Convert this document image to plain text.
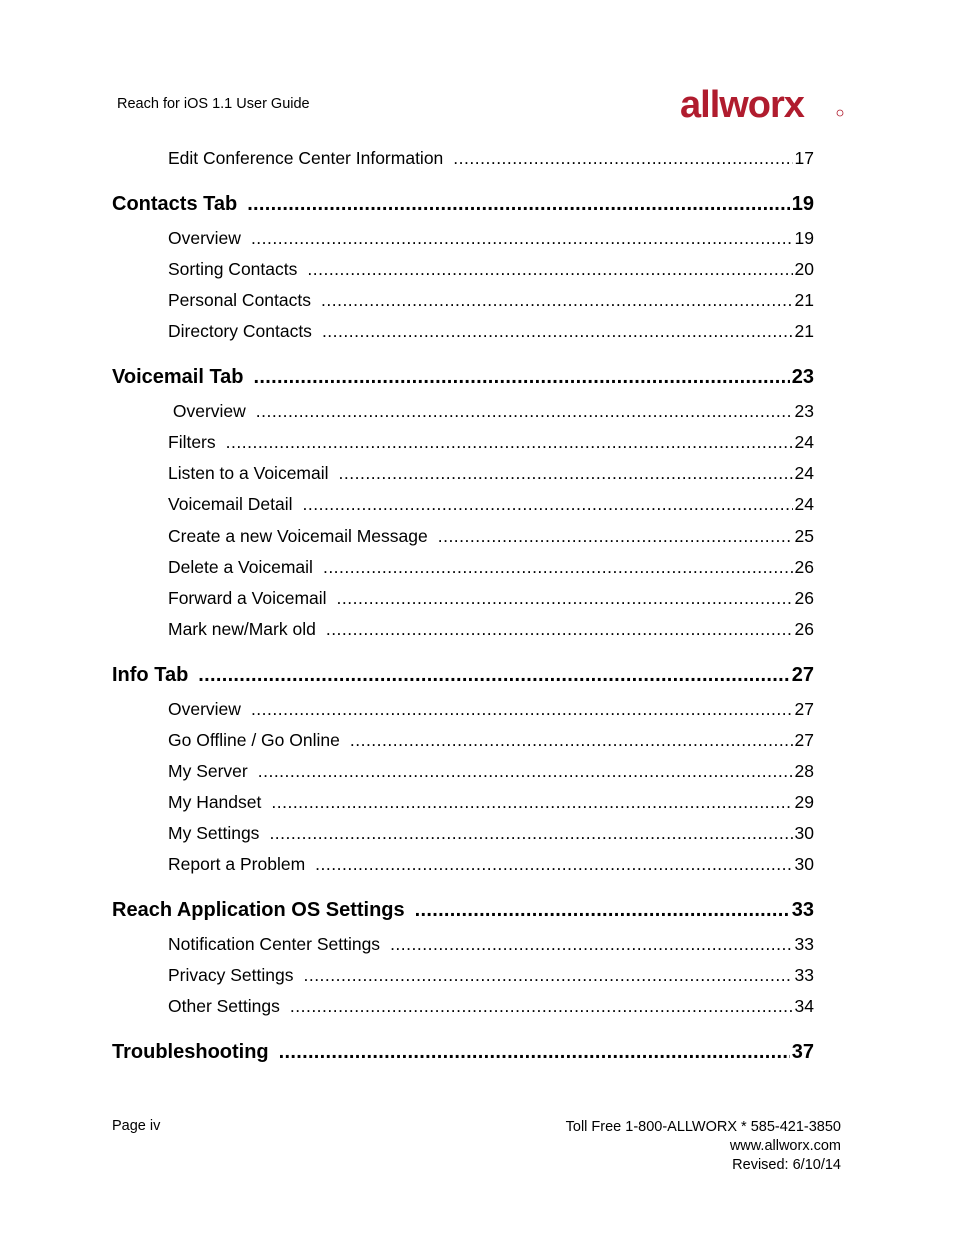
Reach for iOS 1.1 User Guide	allworx
Edit Conference Center Information .....	17
Contacts Tab .....	19
Overview .....	19
Sorting Contacts .....	20
Personal Contacts .....	21
Directory Contacts .....	21
Voicemail Tab .....	23
Overview .....	23
Filters .....	24
Listen to a Voicemail .....	24
Voicemail Detail .....	24
Create a new Voicemail Message .....	25
Delete a Voicemail .....	26
Forward a Voicemail .....	26
Mark new/Mark old .....	26
Info Tab .....	27
Overview .....	27
Go Offline / Go Online .....	27
My Server .....	28
My Handset .....	29
My Settings .....	30
Report a Problem .....	30
Reach Application OS Settings .....	33
Notification Center Settings .....	33
Privacy Settings .....	33
Other Settings .....	34
Troubleshooting .....	37
Page iv	Toll Free 1-800-ALLWORX * 585-421-3850
www.allworx.com
Revised: 6/10/14
